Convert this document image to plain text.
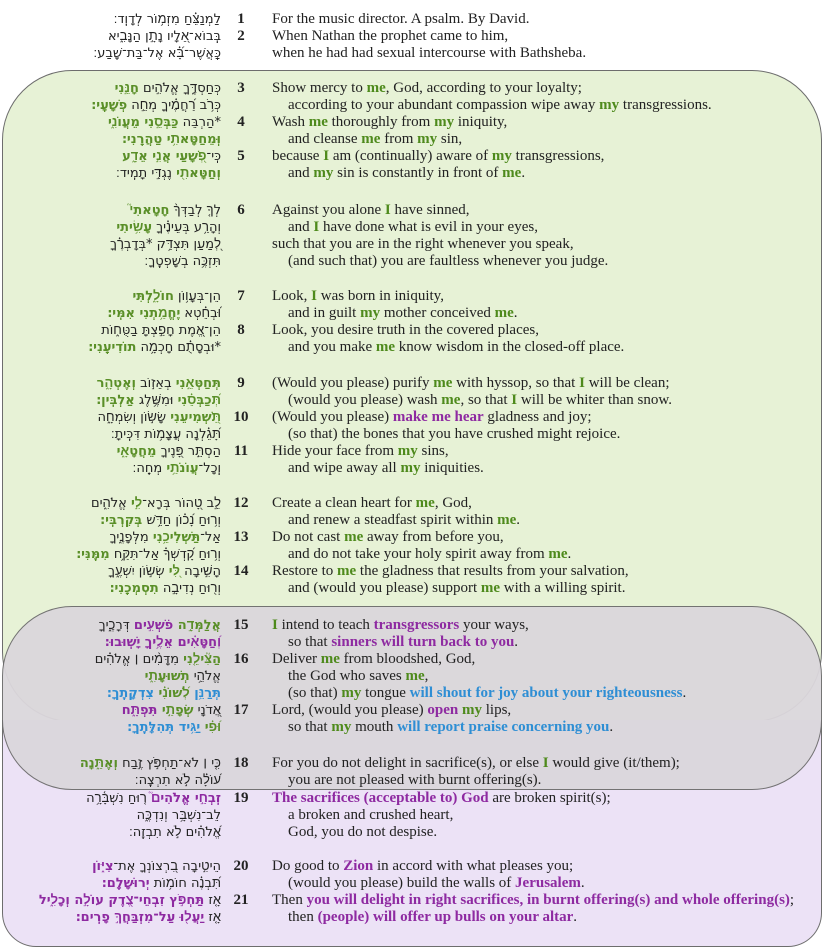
לַמְנַצֵּ֗חַ מִזְמ֥וֹר לְדָוִֽד׃	1	For the music director. A psalm. By David.
בְּֽבוֹא־אֵ֭לָיו נָתָ֣ן הַנָּבִ֑יא	2	When Nathan the prophet came to him,
כַּֽאֲשֶׁר־בָּ֝֗א אֶל־בַּת־שָֽׁבַע׃	when he had had sexual intercourse with Bathsheba.
כְּחַסְדֶּ֑ךָ אֱלֹהִ֣ים חָנֵּ֣נִי	3	Show mercy to me, God, according to your loyalty;
כְּרֹ֥ב רַ֝חֲמֶ֗יךָ מְחֵ֣ה פְשָׁעָֽי׃	according to your abundant compassion wipe away my transgressions.
*הַרְבֵּה כַּבְּסֵ֣נִי מֵעֲוֺנִ֑י	4	Wash me thoroughly from my iniquity,
וּֽמֵחַטָּאתִ֥י טַהֲרֵֽנִי׃	and cleanse me from my sin,
כִּֽי־פְ֭שָׁעַי אֲנִ֣י אֵדָ֑ע	5	because I am (continually) aware of my transgressions,
וְחַטָּאתִ֖י נֶגְדִּ֣י תָמִֽיד׃	and my sin is constantly in front of me.
לְךָ֤ לְבַדְּךָ֨ חָטָאתִי֮	6	Against you alone I have sinned,
וְהָרַ֥ע בְּעֵינֶ֗יךָ עָשִׂ֥יתִי	and I have done what is evil in your eyes,
לְ֭מַעַן תִּצְדַּ֥ק *בְּדָבְרֶ֗ךָ	such that you are in the right whenever you speak,
תִּזְכֶּ֥ה בְשָׁפְטֶֽךָ׃	(and such that) you are faultless whenever you judge.
הֵן־בְּעָו֥וֹן חוֹלָ֑לְתִּי	7	Look, I was born in iniquity,
וּ֝בְחֵ֗טְא יֶחֱמַ֥תְנִי אִמִּֽי׃	and in guilt my mother conceived me.
הֵן־אֱ֭מֶת חָפַ֣צְתָּ בַטֻּח֑וֹת	8	Look, you desire truth in the covered places,
*וּבְסָתֻ֗ם חָכְמָ֥ה תוֹדִיעֵֽנִי׃	and you make me know wisdom in the closed-off place.
תְּחַטְּאֵ֣נִי בְאֵז֣וֹב וְאֶטְהָ֑ר	9	(Would you please) purify me with hyssop, so that I will be clean;
תְּ֝כַבְּסֵ֗נִי וּמִשֶּׁ֥לֶג אַלְבִּֽין׃	(would you please) wash me, so that I will be whiter than snow.
תַּ֭שְׁמִיעֵנִי שָׂשׂ֣וֹן וְשִׂמְחָ֑ה	10	(Would you please) make me hear gladness and joy;
תָּ֝גֵ֗לְנָה עֲצָמ֥וֹת דִּכִּֽיתָ׃	(so that) the bones that you have crushed might rejoice.
הַסְתֵּ֣ר פָּ֭נֶיךָ מֵחֲטָאָ֑י	11	Hide your face from my sins,
וְֽכָל־עֲוֺנֹתַ֥י מְחֵֽה׃	and wipe away all my iniquities.
לֵ֣ב טָ֭הוֹר בְּרָא־לִ֣י אֱלֹהִ֑ים	12	Create a clean heart for me, God,
וְר֥וּחַ נָ֝כ֗וֹן חַדֵּ֥שׁ בְּקִרְבִּֽי׃	and renew a steadfast spirit within me.
אַל־תַּשְׁלִיכֵ֥נִי מִלְּפָנֶ֑יךָ	13	Do not cast me away from before you,
וְר֥וּחַ קָ֝דְשְׁךָ֗ אַל־תִּקַּ֥ח מִמֶּֽנִּי׃	and do not take your holy spirit away from me.
הָשִׁ֣יבָה לִּ֭י שְׂשׂ֣וֹן יִשְׁעֶ֑ךָ	14	Restore to me the gladness that results from your salvation,
וְר֖וּחַ נְדִיבָ֣ה תִסְמְכֵֽנִי׃	and (would you please) support me with a willing spirit.
אֲלַמְּדָ֣ה פֹשְׁעִ֣ים דְּרָכֶ֑יךָ	15	I intend to teach transgressors your ways,
וְ֝חַטָּאִ֗ים אֵלֶ֥יךָ יָשֽׁוּבוּ׃	so that sinners will turn back to you.
הַצִּ֘ילֵ֤נִי מִדָּמִ֨ים ׀ אֱלֹהִ֗ים	16	Deliver me from bloodshed, God,
אֱלֹהֵ֥י תְשׁוּעָתִ֑י	the God who saves me,
תְּרַנֵּ֥ן לְ֝שׁוֹנִ֗י צִדְקָתֶֽךָ׃	(so that) my tongue will shout for joy about your righteousness.
אֲ֭דֹנָי שְׂפָתַ֣י תִּפְתָּ֑ח	17	Lord, (would you please) open my lips,
וּ֝פִ֗י יַגִּ֥יד תְּהִלָּתֶֽךָ׃	so that my mouth will report praise concerning you.
כִּ֤י ׀ לֹא־תַחְפֹּ֣ץ זֶ֣בַח וְאֶתֵּ֑נָה	18	For you do not delight in sacrifice(s), or else I would give (it/them);
ע֝וֹלָ֗ה לֹ֣א תִרְצֶֽה׃	you are not pleased with burnt offering(s).
זִֽבְחֵ֣י אֱלֹהִים֮ ר֤וּחַ נִשְׁבָּ֫רָ֥ה	19	The sacrifices (acceptable to) God are broken spirit(s);
לֵב־נִשְׁבָּ֥ר וְנִדְכֶּ֑ה	a broken and crushed heart,
אֱ֝לֹהִ֗ים לֹ֣א תִבְזֶֽה׃	God, you do not despise.
הֵיטִ֣יבָה בִ֭רְצוֹנְךָ אֶת־צִיּ֑וֹן	20	Do good to Zion in accord with what pleases you;
תִּ֝בְנֶ֗ה חוֹמ֥וֹת יְרוּשָׁלִָֽם׃	(would you please) build the walls of Jerusalem.
אָ֤ז תַּחְפֹּ֣ץ זִבְחֵי־צֶ֭דֶק עוֹלָ֣ה וְכָלִ֑יל	21	Then you will delight in right sacrifices, in burnt offering(s) and whole offering(s);
אָ֤ז יַעֲל֖וּ עַל־מִזְבַּחֲךָ֣ פָרִֽים׃	then (people) will offer up bulls on your altar.
